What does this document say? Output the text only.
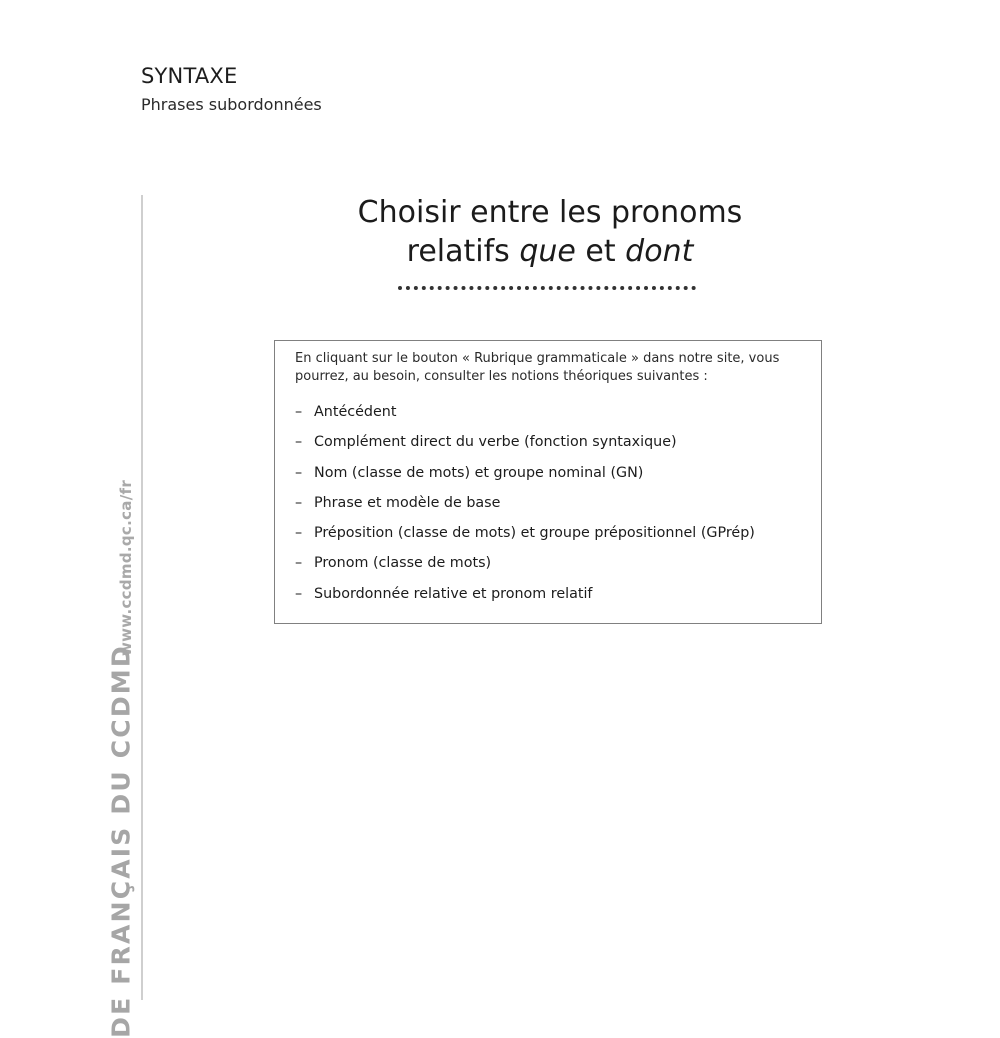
SYNTAXE
Phrases subordonnées
www.ccdmd.qc.ca/fr
DE FRANÇAIS DU CCDMD
Choisir entre les pronoms
relatifs que et dont
En cliquant sur le bouton « Rubrique grammaticale » dans notre site, vous pourrez, au besoin, consulter les notions théoriques suivantes :
– Antécédent
– Complément direct du verbe (fonction syntaxique)
– Nom (classe de mots) et groupe nominal (GN)
– Phrase et modèle de base
– Préposition (classe de mots) et groupe prépositionnel (GPrép)
– Pronom (classe de mots)
– Subordonnée relative et pronom relatif
